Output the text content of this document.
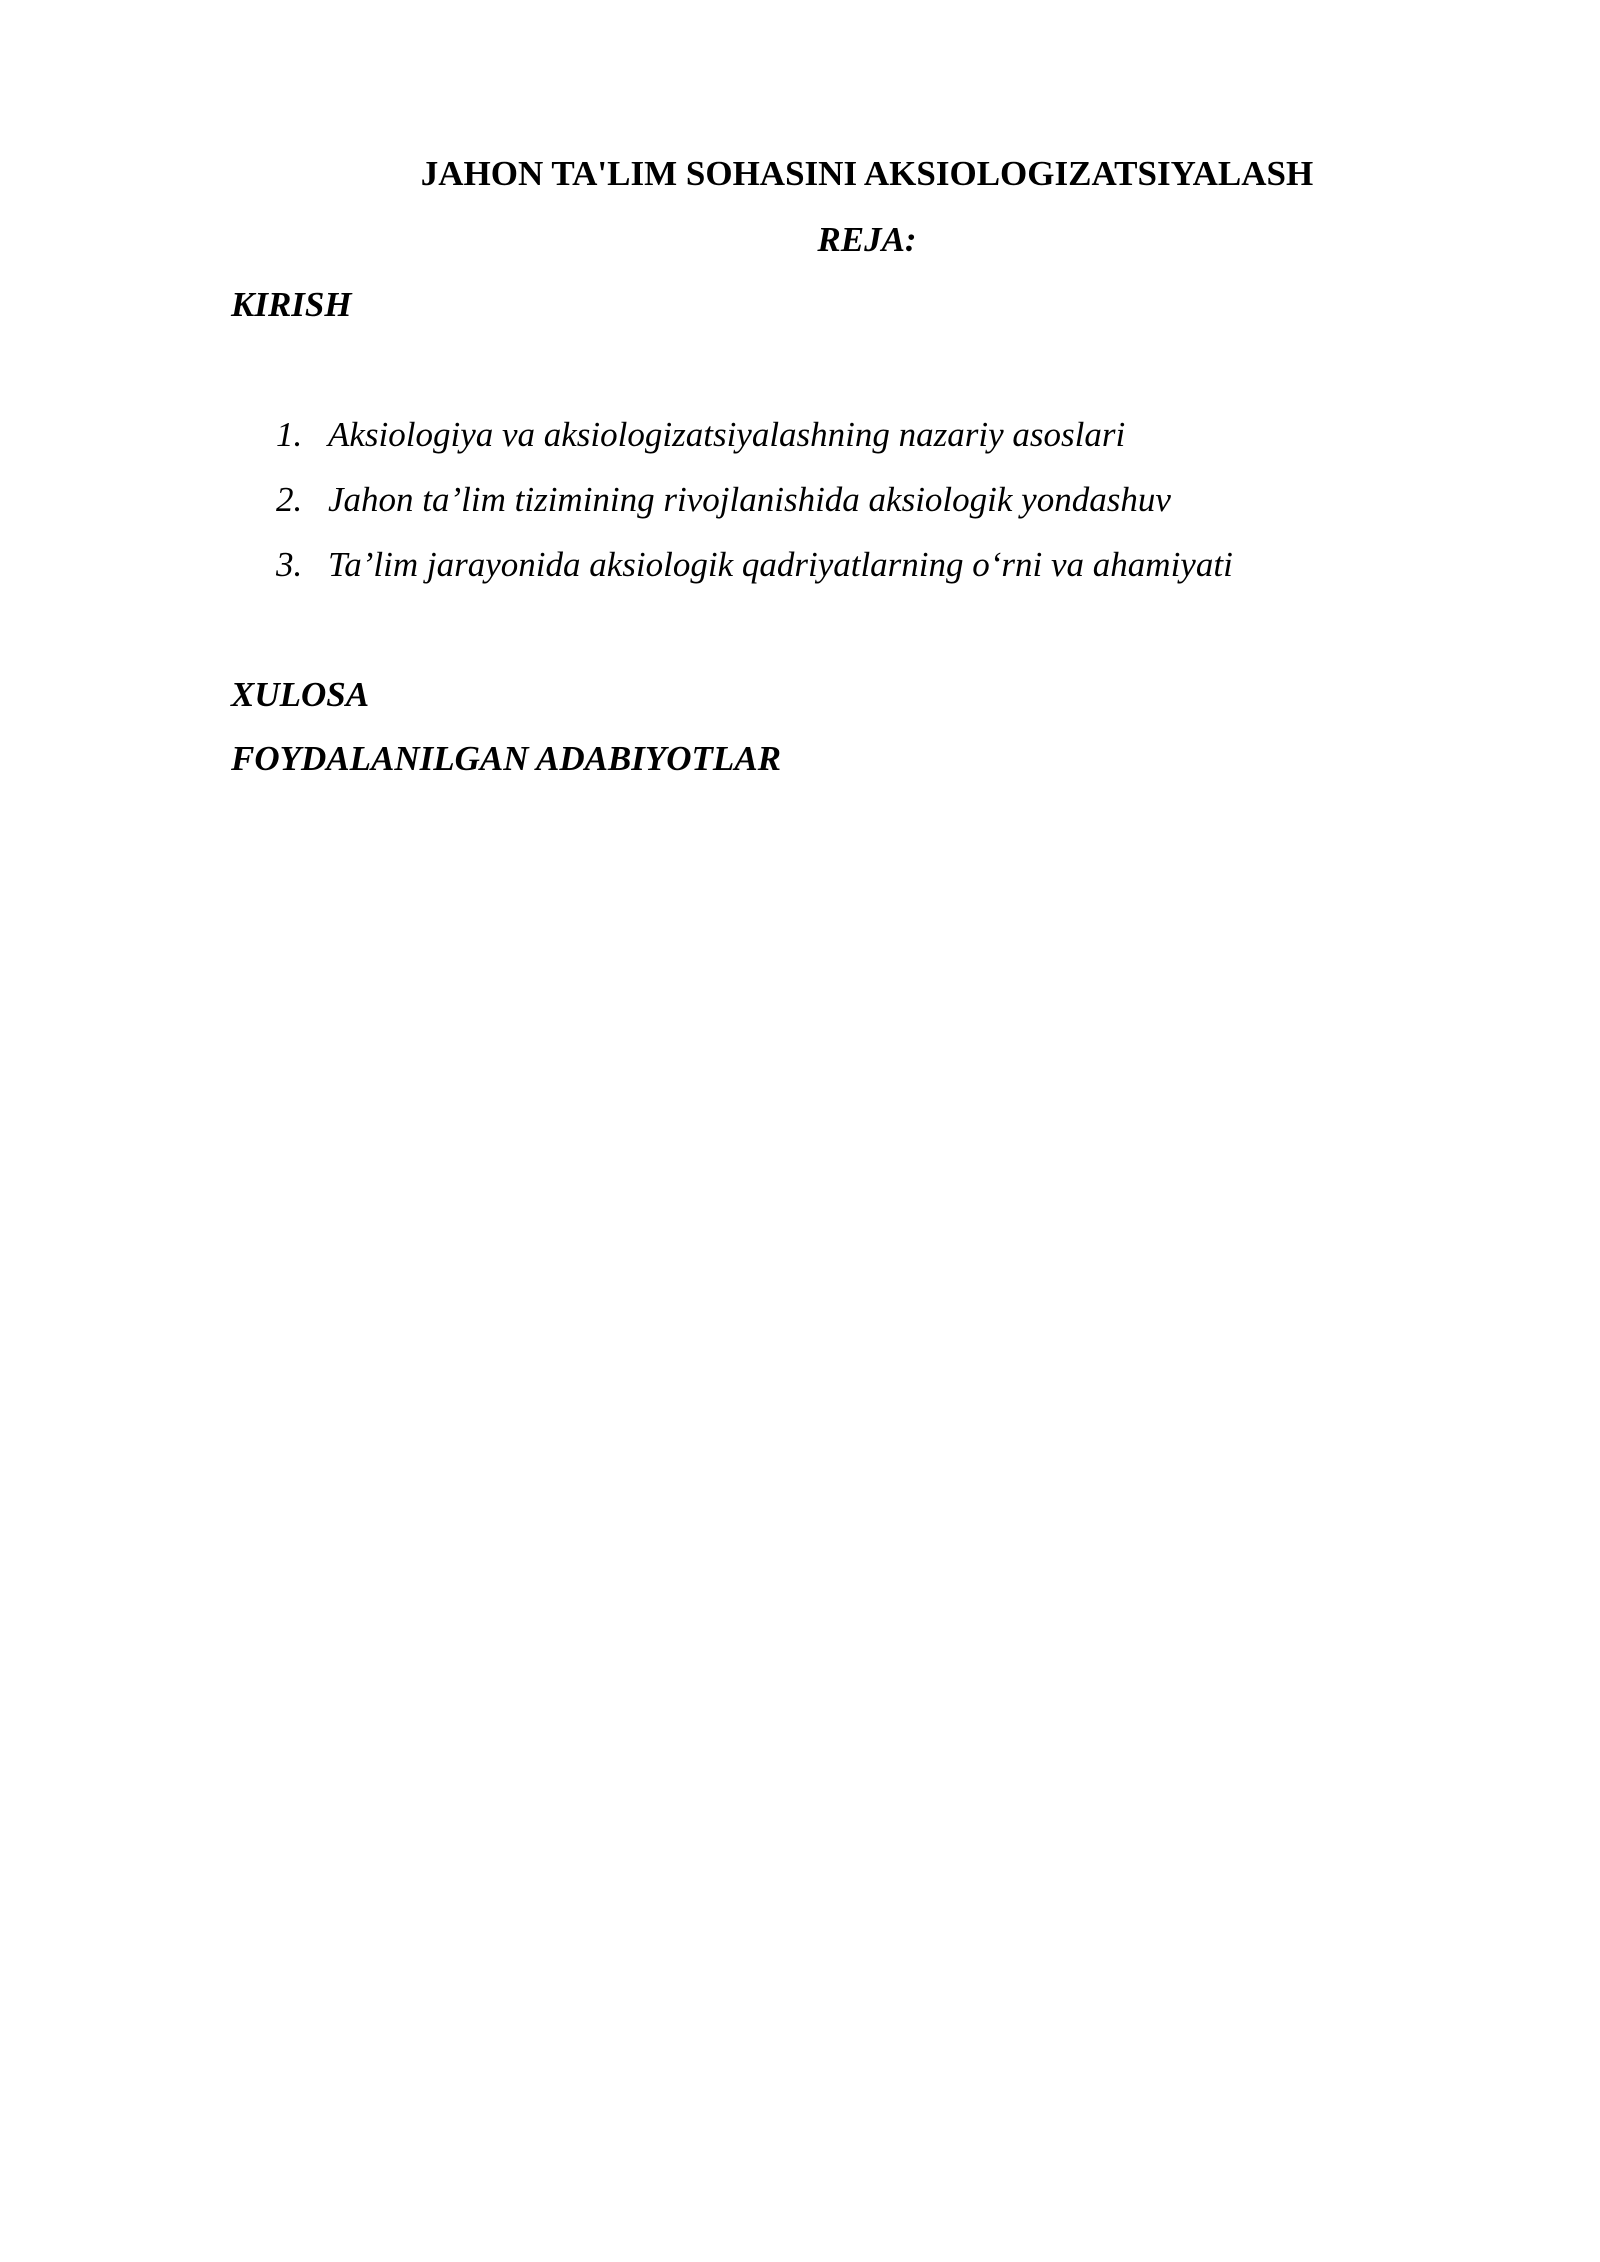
JAHON TA'LIM SOHASINI AKSIOLOGIZATSIYALASH
REJA:

KIRISH

1. Aksiologiya va aksiologizatsiyalashning nazariy asoslari
2. Jahon ta’lim tizimining rivojlanishida aksiologik yondashuv
3. Ta’lim jarayonida aksiologik qadriyatlarning o‘rni va ahamiyati

XULOSA

FOYDALANILGAN ADABIYOTLAR
